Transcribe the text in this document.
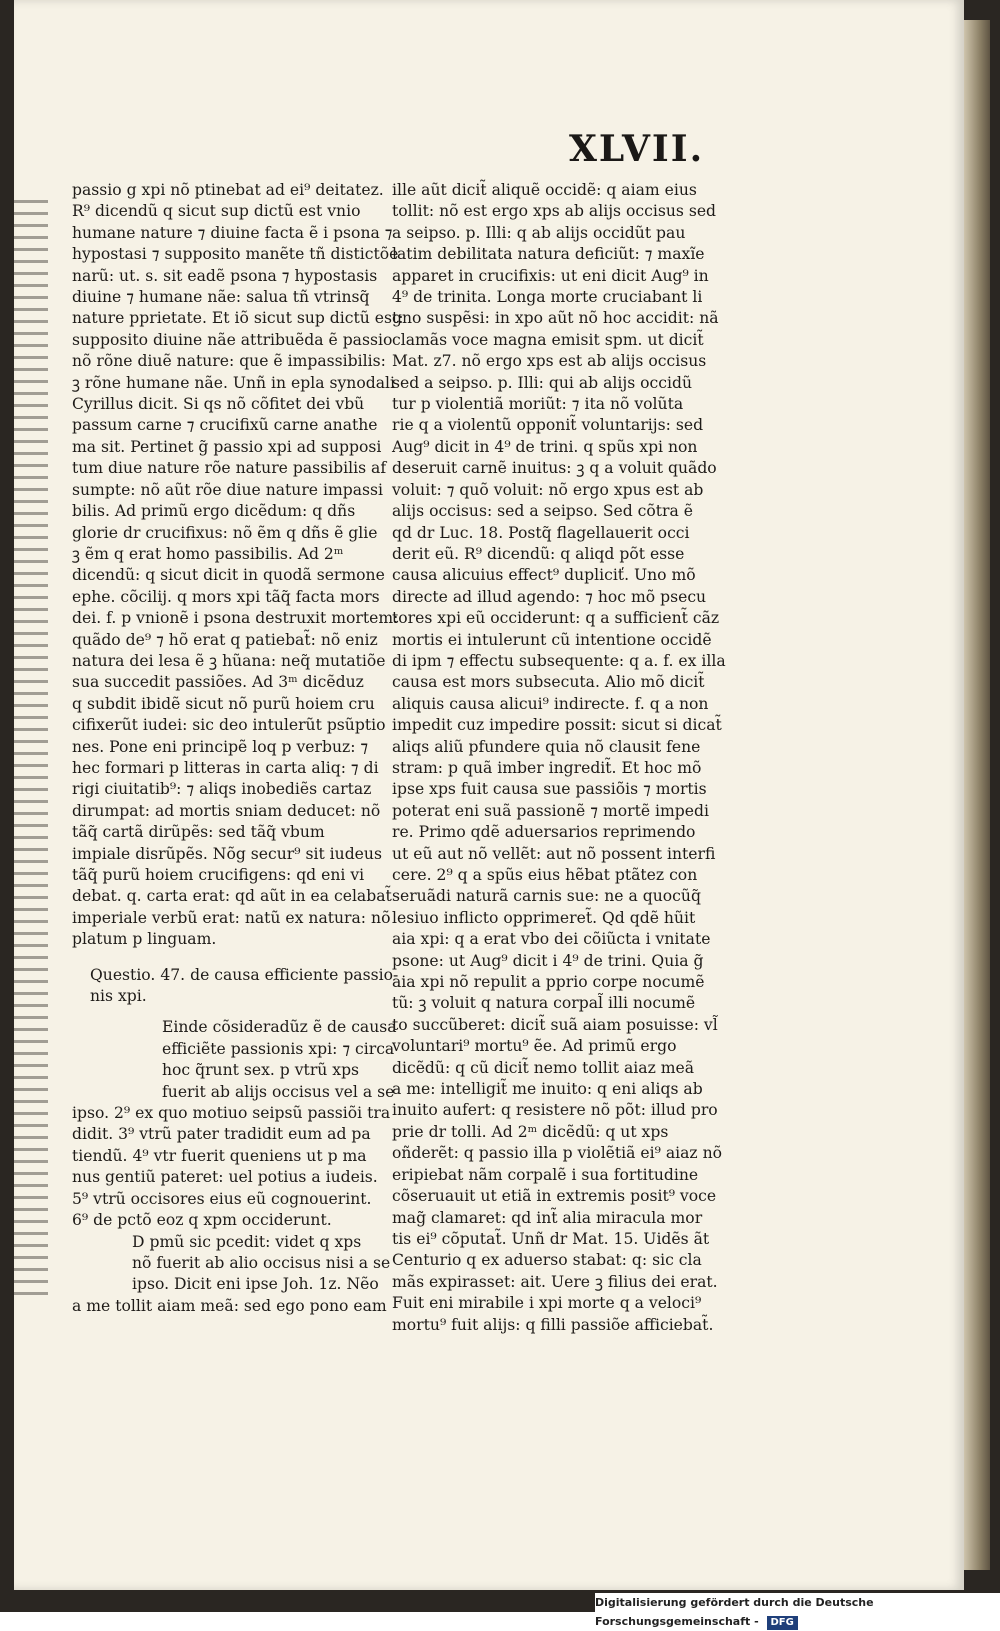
XLVII.
passio g xpi nõ ptinebat ad ei⁹ deitatez.
R⁹ dicendũ q sicut sup dictũ est vnio
humane nature ⁊ diuine facta ẽ i psona ⁊
hypostasi ⁊ supposito manẽte tñ distictõe
narũ: ut. s. sit eadẽ psona ⁊ hypostasis
diuine ⁊ humane nãe: salua tñ vtrinsq̃
nature pprietate. Et iõ sicut sup dictũ est:
supposito diuine nãe attribuẽda ẽ passio
nõ rõne diuẽ nature: que ẽ impassibilis:
ꝫ rõne humane nãe. Unñ in epla synodali
Cyrillus dicit. Si qs nõ cõfitet dei vbũ
passum carne ⁊ crucifixũ carne anathe
ma sit. Pertinet g̃ passio xpi ad supposi
tum diue nature rõe nature passibilis af
sumpte: nõ aũt rõe diue nature impassi
bilis. Ad primũ ergo dicẽdum: q dñs
glorie dr crucifixus: nõ ẽm q dñs ẽ glie
ꝫ ẽm q erat homo passibilis. Ad 2ᵐ
dicendũ: q sicut dicit in quodã sermone
ephe. cõcilij. q mors xpi tãq̃ facta mors
dei. f. p vnionẽ i psona destruxit mortem:
quãdo de⁹ ⁊ hõ erat q patiebat̃: nõ eniz
natura dei lesa ẽ ꝫ hũana: neq̃ mutatiõe
sua succedit passiões. Ad 3ᵐ dicẽduz
q subdit ibidẽ sicut nõ purũ hoiem cru
cifixerũt iudei: sic deo intulerũt psũptio
nes. Pone eni principẽ loq p verbuz: ⁊
hec formari p litteras in carta aliq: ⁊ di
rigi ciuitatib⁹: ⁊ aliqs inobediẽs cartaz
dirumpat: ad mortis sniam deducet: nõ
tãq̃ cartã dirũpẽs: sed tãq̃ vbum
impiale disrũpẽs. Nõg secur⁹ sit iudeus
tãq̃ purũ hoiem crucifigens: qd eni vi
debat. q. carta erat: qd aũt in ea celabat̃
imperiale verbũ erat: natũ ex natura: nõ
platum p linguam.
Questio. 47. de causa efficiente passio-
nis xpi.
Einde cõsideradũz ẽ de causa
efficiẽte passionis xpi: ⁊ circa
hoc q̃runt sex. p vtrũ xps
fuerit ab alijs occisus vel a se
ipso. 2⁹ ex quo motiuo seipsũ passiõi tra
didit. 3⁹ vtrũ pater tradidit eum ad pa
tiendũ. 4⁹ vtr fuerit queniens ut p ma
nus gentiũ pateret: uel potius a iudeis.
5⁹ vtrũ occisores eius eũ cognouerint.
6⁹ de pctõ eoz q xpm occiderunt.
D pmũ sic pcedit: videt q xps
nõ fuerit ab alio occisus nisi a se
ipso. Dicit eni ipse Joh. 1z. Nẽo
a me tollit aiam meã: sed ego pono eam
ille aũt dicit̃ aliquẽ occidẽ: q aiam eius
tollit: nõ est ergo xps ab alijs occisus sed
a seipso. p. Illi: q ab alijs occidũt pau
latim debilitata natura deficiũt: ⁊ maxĩe
apparet in crucifixis: ut eni dicit Aug⁹ in
4⁹ de trinita. Longa morte cruciabant li
gno suspẽsi: in xpo aũt nõ hoc accidit: nã
clamãs voce magna emisit spm. ut dicit̃
Mat. z7. nõ ergo xps est ab alijs occisus
sed a seipso. p. Illi: qui ab alijs occidũ
tur p violentiã moriũt: ⁊ ita nõ volũta
rie q a violentũ opponit̃ voluntarijs: sed
Aug⁹ dicit in 4⁹ de trini. q spũs xpi non
deseruit carnẽ inuitus: ꝫ q a voluit quãdo
voluit: ⁊ quõ voluit: nõ ergo xpus est ab
alijs occisus: sed a seipso. Sed cõtra ẽ
qd dr Luc. 18. Postq̃ flagellauerit occi
derit eũ. R⁹ dicendũ: q aliqd põt esse
causa alicuius effect⁹ dupliciť. Uno mõ
directe ad illud agendo: ⁊ hoc mõ psecu
tores xpi eũ occiderunt: q a sufficient̃ cãz
mortis ei intulerunt cũ intentione occidẽ
di ipm ⁊ effectu subsequente: q a. f. ex illa
causa est mors subsecuta. Alio mõ dicit̃
aliquis causa alicui⁹ indirecte. f. q a non
impedit cuz impedire possit: sicut si dicat̃
aliqs aliũ pfundere quia nõ clausit fene
stram: p quã imber ingredit̃. Et hoc mõ
ipse xps fuit causa sue passiõis ⁊ mortis
poterat eni suã passionẽ ⁊ mortẽ impedi
re. Primo qdẽ aduersarios reprimendo
ut eũ aut nõ vellẽt: aut nõ possent interfi
cere. 2⁹ q a spũs eius hẽbat ptãtez con
seruãdi naturã carnis sue: ne a quocũq̃
lesiuo inflicto opprimeret̃. Qd qdẽ hũit
aia xpi: q a erat vbo dei cõiũcta i vnitate
psone: ut Aug⁹ dicit i 4⁹ de trini. Quia g̃
aia xpi nõ repulit a pprio corpe nocumẽ
tũ: ꝫ voluit q natura corpal̃ illi nocumẽ
to succũberet: dicit̃ suã aiam posuisse: vl̃
voluntari⁹ mortu⁹ ẽe. Ad primũ ergo
dicẽdũ: q cũ dicit̃ nemo tollit aiaz meã
a me: intelligit̃ me inuito: q eni aliqs ab
inuito aufert: q resistere nõ põt: illud pro
prie dr tolli. Ad 2ᵐ dicẽdũ: q ut xps
oñderẽt: q passio illa p violẽtiã ei⁹ aiaz nõ
eripiebat nãm corpalẽ i sua fortitudine
cõseruauit ut etiã in extremis posit⁹ voce
mag̃ clamaret: qd int̃ alia miracula mor
tis ei⁹ cõputat̃. Unñ dr Mat. 15. Uidẽs ãt
Centurio q ex aduerso stabat: q: sic cla
mãs expirasset: ait. Uere ꝫ filius dei erat.
Fuit eni mirabile i xpi morte q a veloci⁹
mortu⁹ fuit alijs: q filli passiõe afficiebat̃.
Digitalisierung gefördert durch die Deutsche Forschungsgemeinschaft - DFG
